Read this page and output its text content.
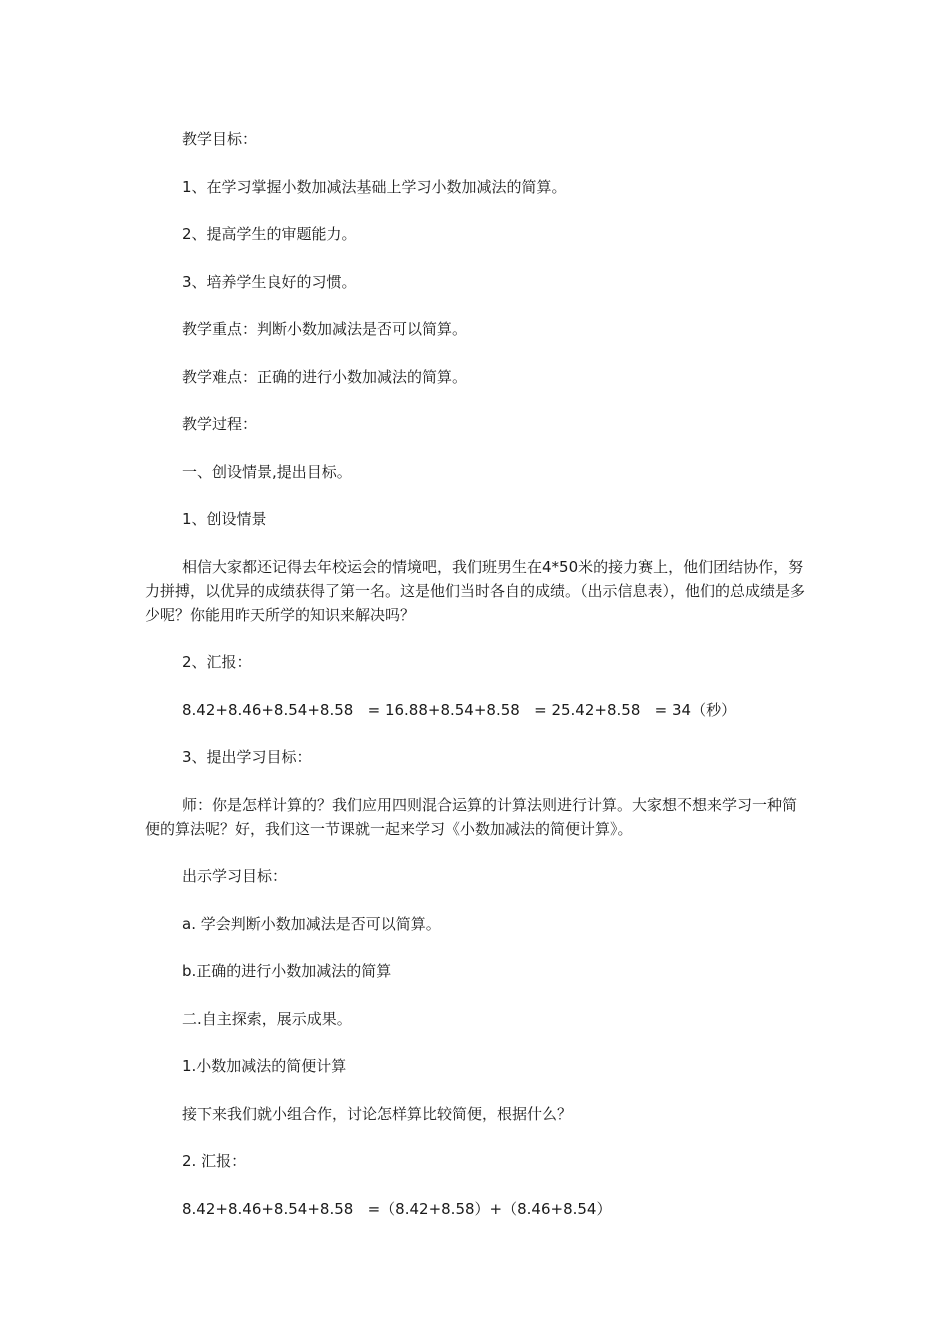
教学目标：

1、在学习掌握小数加减法基础上学习小数加减法的简算。

2、提高学生的审题能力。

3、培养学生良好的习惯。

教学重点：判断小数加减法是否可以简算。

教学难点：正确的进行小数加减法的简算。

教学过程：

一、创设情景,提出目标。

1、创设情景

相信大家都还记得去年校运会的情境吧，我们班男生在4*50米的接力赛上，他们团结协作，努力拼搏，以优异的成绩获得了第一名。这是他们当时各自的成绩。（出示信息表），他们的总成绩是多少呢？你能用昨天所学的知识来解决吗？

2、汇报：

8.42+8.46+8.54+8.58   = 16.88+8.54+8.58   = 25.42+8.58   = 34（秒）

3、提出学习目标：

师：你是怎样计算的？我们应用四则混合运算的计算法则进行计算。大家想不想来学习一种简便的算法呢？好，我们这一节课就一起来学习《小数加减法的简便计算》。

出示学习目标：

a. 学会判断小数加减法是否可以简算。

b.正确的进行小数加减法的简算

二.自主探索，展示成果。

1.小数加减法的简便计算

接下来我们就小组合作，讨论怎样算比较简便，根据什么？

2. 汇报：

8.42+8.46+8.54+8.58   =（8.42+8.58）+（8.46+8.54）
